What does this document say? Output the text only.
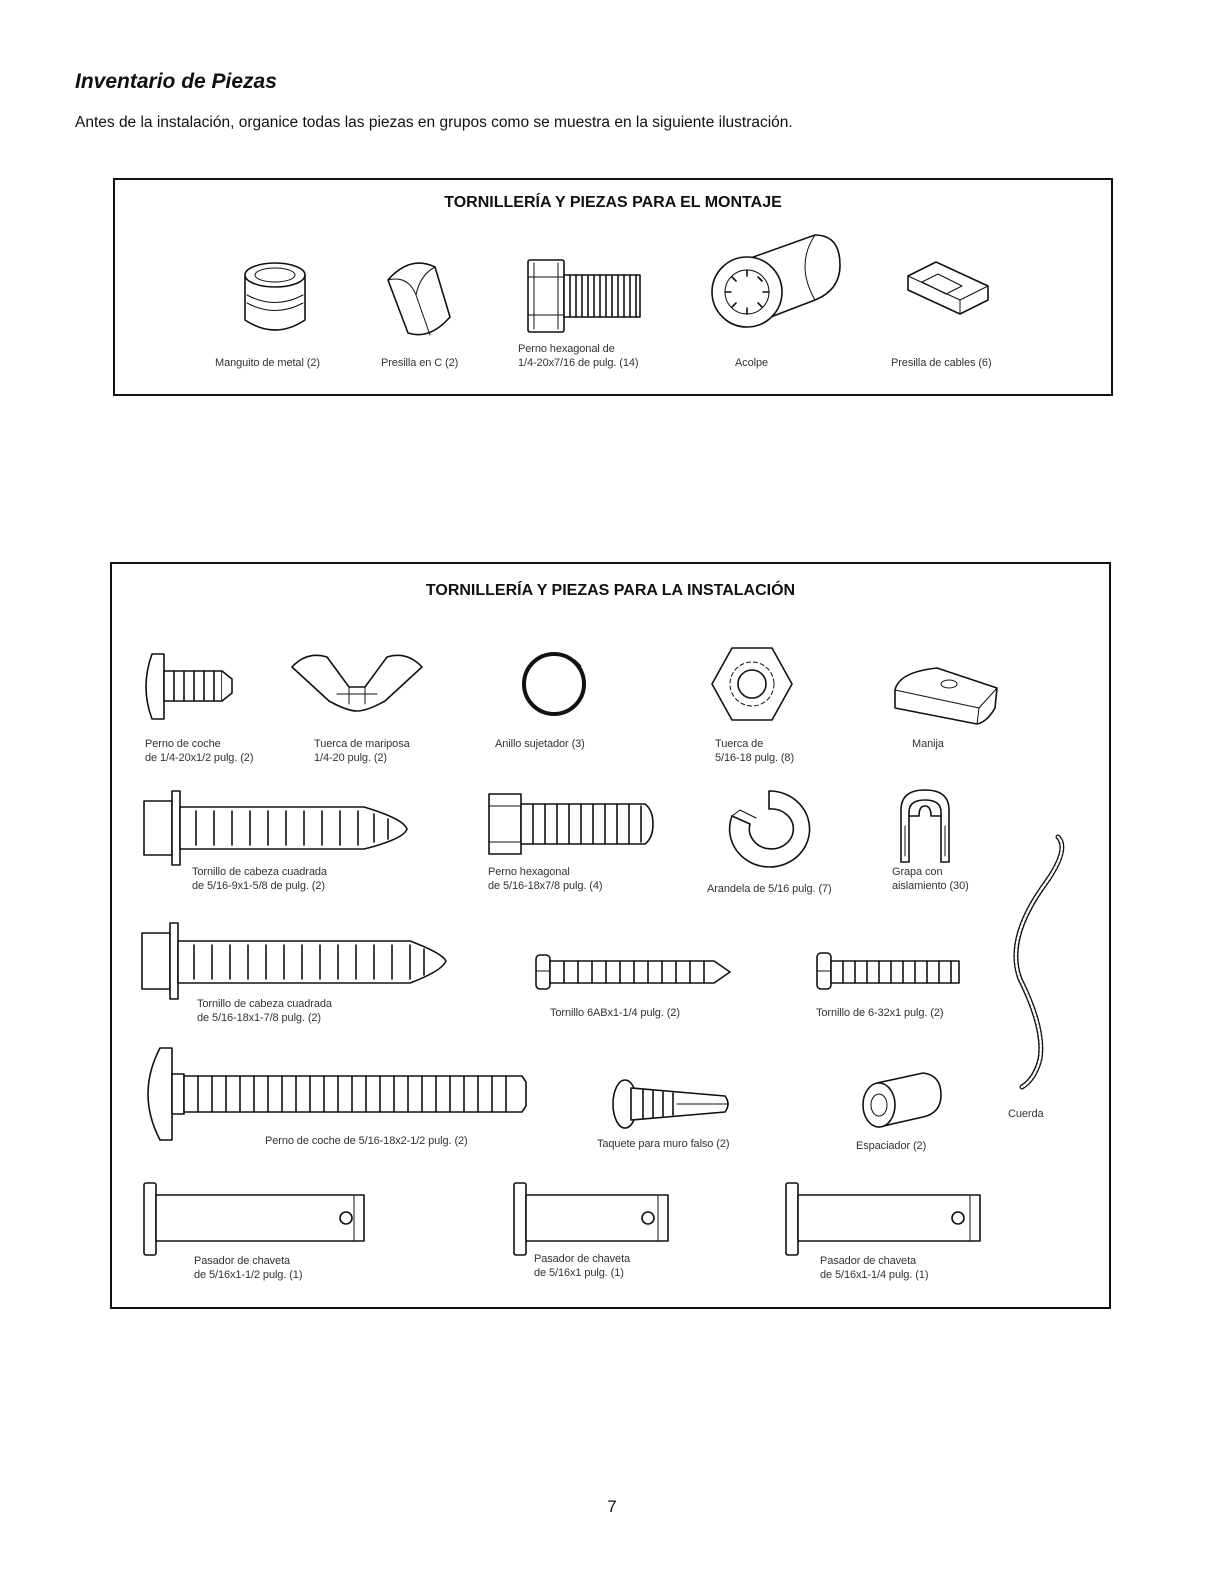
Inventario de Piezas
Antes de la instalación, organice todas las piezas en grupos como se muestra en la siguiente ilustración.
TORNILLERÍA Y PIEZAS PARA EL MONTAJE
Manguito de metal (2)	Presilla en C (2)
Perno hexagonal de
1/4-20x7/16 de pulg. (14)	Acolpe	Presilla de cables (6)
TORNILLERÍA Y PIEZAS PARA LA INSTALACIÓN
Perno de coche
de 1/4-20x1/2 pulg. (2)
Tuerca de mariposa
1/4-20 pulg. (2)
Anillo sujetador (3)	Tuerca de
5/16-18 pulg. (8)
Manija
Tornillo de cabeza cuadrada
de 5/16-9x1-5/8 de pulg. (2)
Perno hexagonal
de 5/16-18x7/8 pulg. (4)	Arandela de 5/16 pulg. (7)
Grapa con
aislamiento (30)
Tornillo de cabeza cuadrada
de 5/16-18x1-7/8 pulg. (2)	Tornillo 6ABx1-1/4 pulg. (2)	Tornillo de 6-32x1 pulg. (2)
Cuerda
Perno de coche de 5/16-18x2-1/2 pulg. (2)	Taquete para muro falso (2)	Espaciador (2)
Pasador de chaveta
de 5/16x1-1/2 pulg. (1)
Pasador de chaveta
de 5/16x1 pulg. (1)
Pasador de chaveta
de 5/16x1-1/4 pulg. (1)
7
